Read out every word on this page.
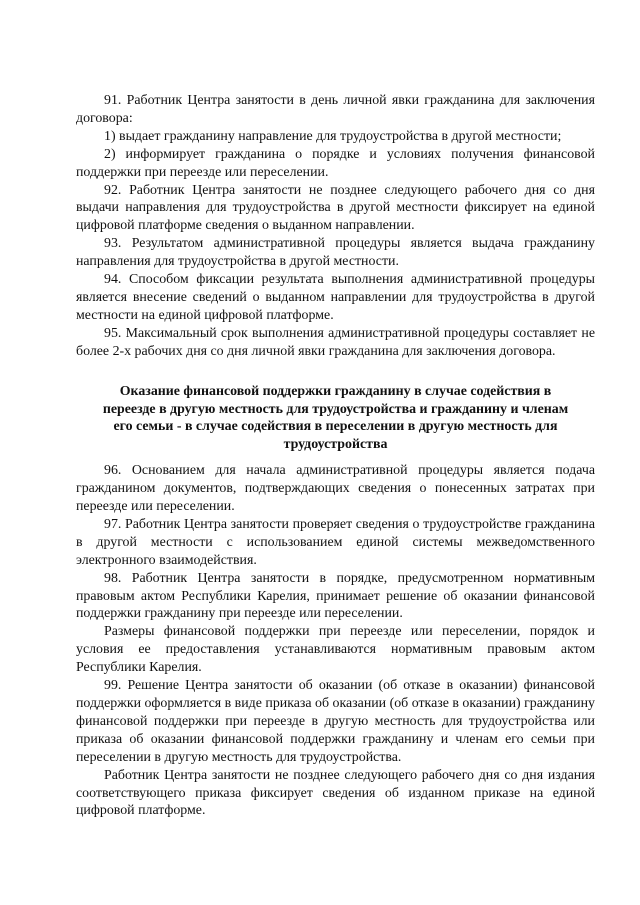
91. Работник Центра занятости в день личной явки гражданина для заключения договора:

1) выдает гражданину направление для трудоустройства в другой местности;

2) информирует гражданина о порядке и условиях получения финансовой поддержки при переезде или переселении.

92. Работник Центра занятости не позднее следующего рабочего дня со дня выдачи направления для трудоустройства в другой местности фиксирует на единой цифровой платформе сведения о выданном направлении.

93. Результатом административной процедуры является выдача гражданину направления для трудоустройства в другой местности.

94. Способом фиксации результата выполнения административной процедуры является внесение сведений о выданном направлении для трудоустройства в другой местности на единой цифровой платформе.

95. Максимальный срок выполнения административной процедуры составляет не более 2-х рабочих дня со дня личной явки гражданина для заключения договора.

Оказание финансовой поддержки гражданину в случае содействия в переезде в другую местность для трудоустройства и гражданину и членам его семьи - в случае содействия в переселении в другую местность для трудоустройства

96. Основанием для начала административной процедуры является подача гражданином документов, подтверждающих сведения о понесенных затратах при переезде или переселении.

97. Работник Центра занятости проверяет сведения о трудоустройстве гражданина в другой местности с использованием единой системы межведомственного электронного взаимодействия.

98. Работник Центра занятости в порядке, предусмотренном нормативным правовым актом Республики Карелия, принимает решение об оказании финансовой поддержки гражданину при переезде или переселении.

Размеры финансовой поддержки при переезде или переселении, порядок и условия ее предоставления устанавливаются нормативным правовым актом Республики Карелия.

99. Решение Центра занятости об оказании (об отказе в оказании) финансовой поддержки оформляется в виде приказа об оказании (об отказе в оказании) гражданину финансовой поддержки при переезде в другую местность для трудоустройства или приказа об оказании финансовой поддержки гражданину и членам его семьи при переселении в другую местность для трудоустройства.

Работник Центра занятости не позднее следующего рабочего дня со дня издания соответствующего приказа фиксирует сведения об изданном приказе на единой цифровой платформе.
